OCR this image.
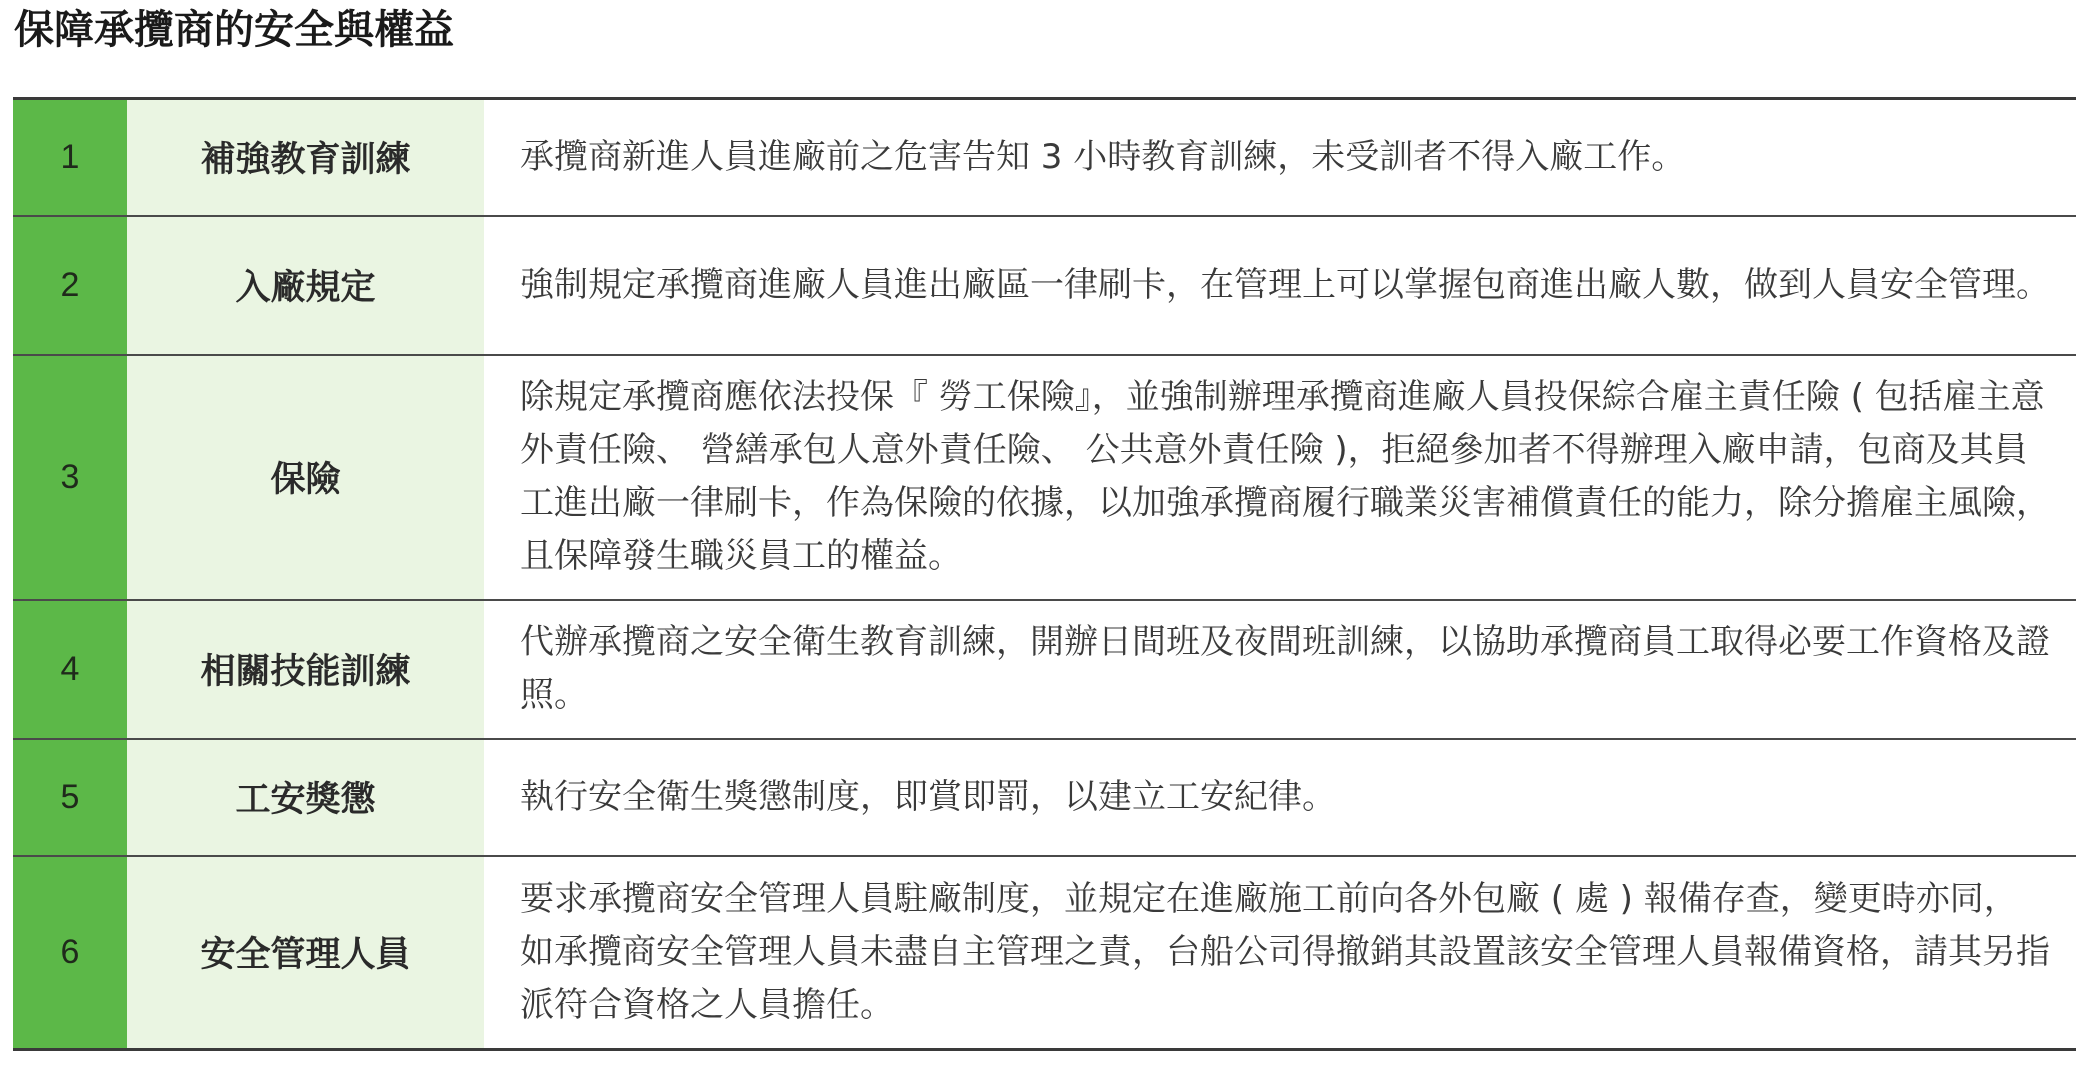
保障承攬商的安全與權益
1	補強教育訓練	承攬商新進人員進廠前之危害告知 3 小時教育訓練，未受訓者不得入廠工作。
2	入廠規定	強制規定承攬商進廠人員進出廠區一律刷卡，在管理上可以掌握包商進出廠人數，做到人員安全管理。
3	保險	除規定承攬商應依法投保『 勞工保險』，並強制辦理承攬商進廠人員投保綜合雇主責任險 ( 包括雇主意外責任險、 營繕承包人意外責任險、 公共意外責任險 )，拒絕參加者不得辦理入廠申請，包商及其員工進出廠一律刷卡，作為保險的依據，以加強承攬商履行職業災害補償責任的能力，除分擔雇主風險，且保障發生職災員工的權益。
4	相關技能訓練	代辦承攬商之安全衛生教育訓練，開辦日間班及夜間班訓練，以協助承攬商員工取得必要工作資格及證照。
5	工安獎懲	執行安全衛生獎懲制度，即賞即罰，以建立工安紀律。
6	安全管理人員	要求承攬商安全管理人員駐廠制度，並規定在進廠施工前向各外包廠 ( 處 ) 報備存查，變更時亦同，如承攬商安全管理人員未盡自主管理之責，台船公司得撤銷其設置該安全管理人員報備資格，請其另指派符合資格之人員擔任。
